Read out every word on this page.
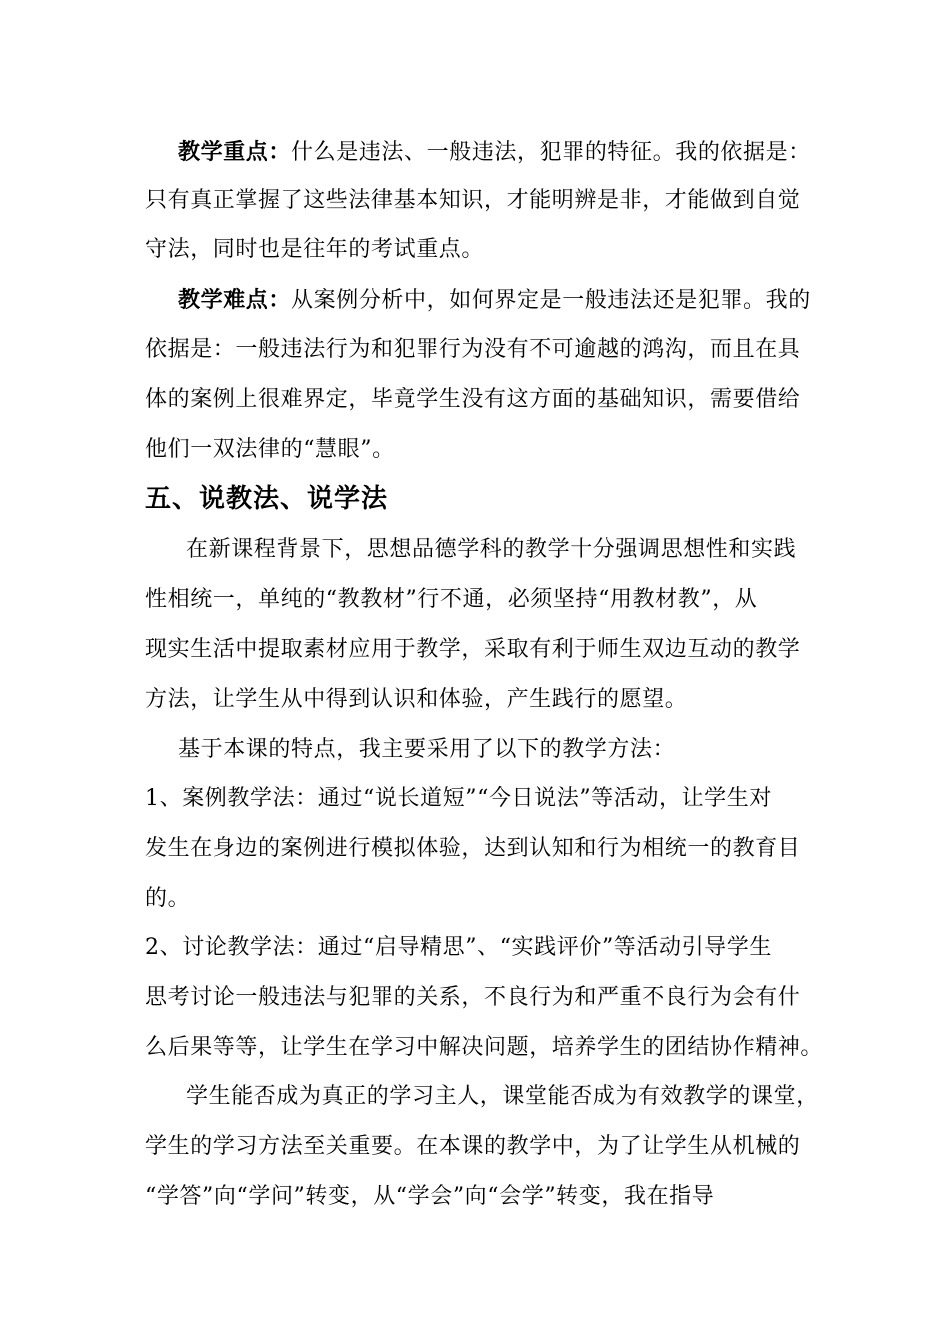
教学重点：什么是违法、一般违法，犯罪的特征。我的依据是：
只有真正掌握了这些法律基本知识，才能明辨是非，才能做到自觉
守法，同时也是往年的考试重点。
教学难点：从案例分析中，如何界定是一般违法还是犯罪。我的
依据是：一般违法行为和犯罪行为没有不可逾越的鸿沟，而且在具
体的案例上很难界定，毕竟学生没有这方面的基础知识，需要借给
他们一双法律的“慧眼”。
五、说教法、说学法
在新课程背景下，思想品德学科的教学十分强调思想性和实践
性相统一，单纯的“教教材”行不通，必须坚持“用教材教”，从
现实生活中提取素材应用于教学，采取有利于师生双边互动的教学
方法，让学生从中得到认识和体验，产生践行的愿望。
基于本课的特点，我主要采用了以下的教学方法：
1、案例教学法：通过“说长道短”“今日说法”等活动，让学生对
发生在身边的案例进行模拟体验，达到认知和行为相统一的教育目
的。
2、讨论教学法：通过“启导精思”、“实践评价”等活动引导学生
思考讨论一般违法与犯罪的关系，不良行为和严重不良行为会有什
么后果等等，让学生在学习中解决问题，培养学生的团结协作精神。
学生能否成为真正的学习主人，课堂能否成为有效教学的课堂，
学生的学习方法至关重要。在本课的教学中，为了让学生从机械的
“学答”向“学问”转变，从“学会”向“会学”转变，我在指导
